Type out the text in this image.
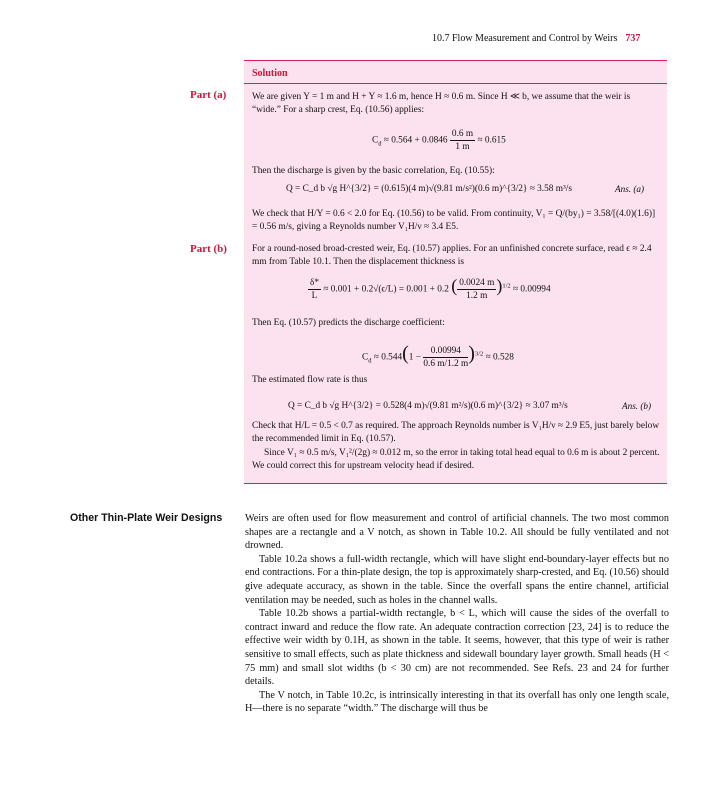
10.7 Flow Measurement and Control by Weirs 737
Part (a)
Part (b)
Solution
We are given Y = 1 m and H + Y ≈ 1.6 m, hence H ≈ 0.6 m. Since H ≪ b, we assume that the weir is “wide.” For a sharp crest, Eq. (10.56) applies:
$C_d \approx 0.564 + 0.0846 \frac{0.6 m}{1 m} \approx 0.615$
Then the discharge is given by the basic correlation, Eq. (10.55):
Q = C_d b √g H^{3/2} = (0.615)(4 m)√(9.81 m/s²)(0.6 m)^{3/2} ≈ 3.58 m³/s	Ans. (a)
We check that H/Y = 0.6 < 2.0 for Eq. (10.56) to be valid. From continuity, V₁ = Q/(by₁) = 3.58/[(4.0)(1.6)] = 0.56 m/s, giving a Reynolds number V₁H/ν ≈ 3.4 E5.
For a round-nosed broad-crested weir, Eq. (10.57) applies. For an unfinished concrete surface, read ϵ ≈ 2.4 mm from Table 10.1. Then the displacement thickness is
$\frac{\delta*}{L} \approx 0.001 + 0.2√(\epsilon/L) = 0.001 + 0.2$ ( $\frac{0.0024 m}{1.2 m} )^{1/2} \approx 0.00994$
Then Eq. (10.57) predicts the discharge coefficient:
$C_d \approx 0.544(1 - \frac{0.00994}{0.6 m/1.2 m} )^{3/2} \approx 0.528$
The estimated flow rate is thus
Q = C_d b √g H^{3/2} = 0.528(4 m)√(9.81 m²/s)(0.6 m)^{3/2} ≈ 3.07 m³/s	Ans. (b)
Check that H/L = 0.5 < 0.7 as required. The approach Reynolds number is V₁H/ν ≈ 2.9 E5, just barely below the recommended limit in Eq. (10.57).
Since V₁ ≈ 0.5 m/s, V₁²/(2g) ≈ 0.012 m, so the error in taking total head equal to 0.6 m is about 2 percent. We could correct this for upstream velocity head if desired.
Other Thin-Plate Weir Designs Weirs are often used for flow measurement and control of artificial channels. The two most common shapes are a rectangle and a V notch, as shown in Table 10.2. All should be fully ventilated and not drowned.

Table 10.2a shows a full-width rectangle, which will have slight end-boundary-layer effects but no end contractions. For a thin-plate design, the top is approximately sharp-crested, and Eq. (10.56) should give adequate accuracy, as shown in the table. Since the overfall spans the entire channel, artificial ventilation may be needed, such as holes in the channel walls.

Table 10.2b shows a partial-width rectangle, b < L, which will cause the sides of the overfall to contract inward and reduce the flow rate. An adequate contraction correction [23, 24] is to reduce the effective weir width by 0.1H, as shown in the table. It seems, however, that this type of weir is rather sensitive to small effects, such as plate thickness and sidewall boundary layer growth. Small heads (H < 75 mm) and small slot widths (b < 30 cm) are not recommended. See Refs. 23 and 24 for further details.

The V notch, in Table 10.2c, is intrinsically interesting in that its overfall has only one length scale, H—there is no separate “width.” The discharge will thus be
